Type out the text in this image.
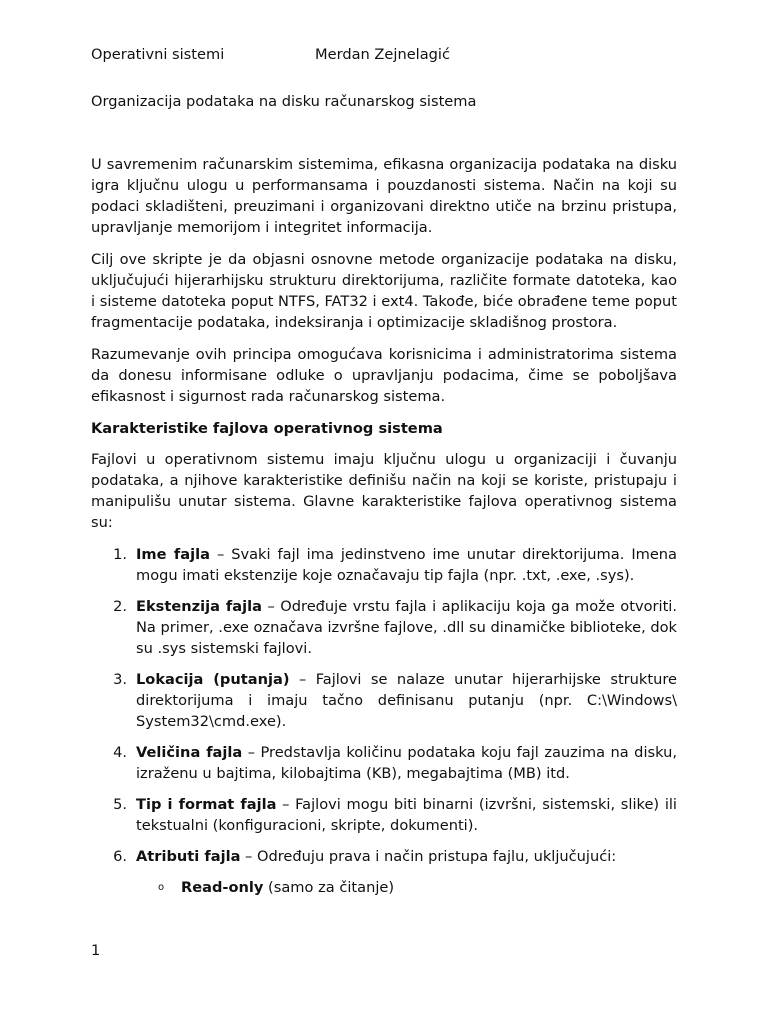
Operativni sistemi	Merdan Zejnelagić
Organizacija podataka na disku računarskog sistema

U savremenim računarskim sistemima, efikasna organizacija podataka na disku igra ključnu ulogu u performansama i pouzdanosti sistema. Način na koji su podaci skladišteni, preuzimani i organizovani direktno utiče na brzinu pristupa, upravljanje memorijom i integritet informacija.

Cilj ove skripte je da objasni osnovne metode organizacije podataka na disku, uključujući hijerarhijsku strukturu direktorijuma, različite formate datoteka, kao i sisteme datoteka poput NTFS, FAT32 i ext4. Takođe, biće obrađene teme poput fragmentacije podataka, indeksiranja i optimizacije skladišnog prostora.

Razumevanje ovih principa omogućava korisnicima i administratorima sistema da donesu informisane odluke o upravljanju podacima, čime se poboljšava efikasnost i sigurnost rada računarskog sistema.

Karakteristike fajlova operativnog sistema

Fajlovi u operativnom sistemu imaju ključnu ulogu u organizaciji i čuvanju podataka, a njihove karakteristike definišu način na koji se koriste, pristupaju i manipulišu unutar sistema. Glavne karakteristike fajlova operativnog sistema su:

1. Ime fajla – Svaki fajl ima jedinstveno ime unutar direktorijuma. Imena mogu imati ekstenzije koje označavaju tip fajla (npr. .txt, .exe, .sys).
2. Ekstenzija fajla – Određuje vrstu fajla i aplikaciju koja ga može otvoriti. Na primer, .exe označava izvršne fajlove, .dll su dinamičke biblioteke, dok su .sys sistemski fajlovi.
3. Lokacija (putanja) – Fajlovi se nalaze unutar hijerarhijske strukture direktorijuma i imaju tačno definisanu putanju (npr. C:\Windows\ System32\cmd.exe).
4. Veličina fajla – Predstavlja količinu podataka koju fajl zauzima na disku, izraženu u bajtima, kilobajtima (KB), megabajtima (MB) itd.
5. Tip i format fajla – Fajlovi mogu biti binarni (izvršni, sistemski, slike) ili tekstualni (konfiguracioni, skripte, dokumenti).
6. Atributi fajla – Određuju prava i način pristupa fajlu, uključujući:
o Read-only (samo za čitanje)
1
